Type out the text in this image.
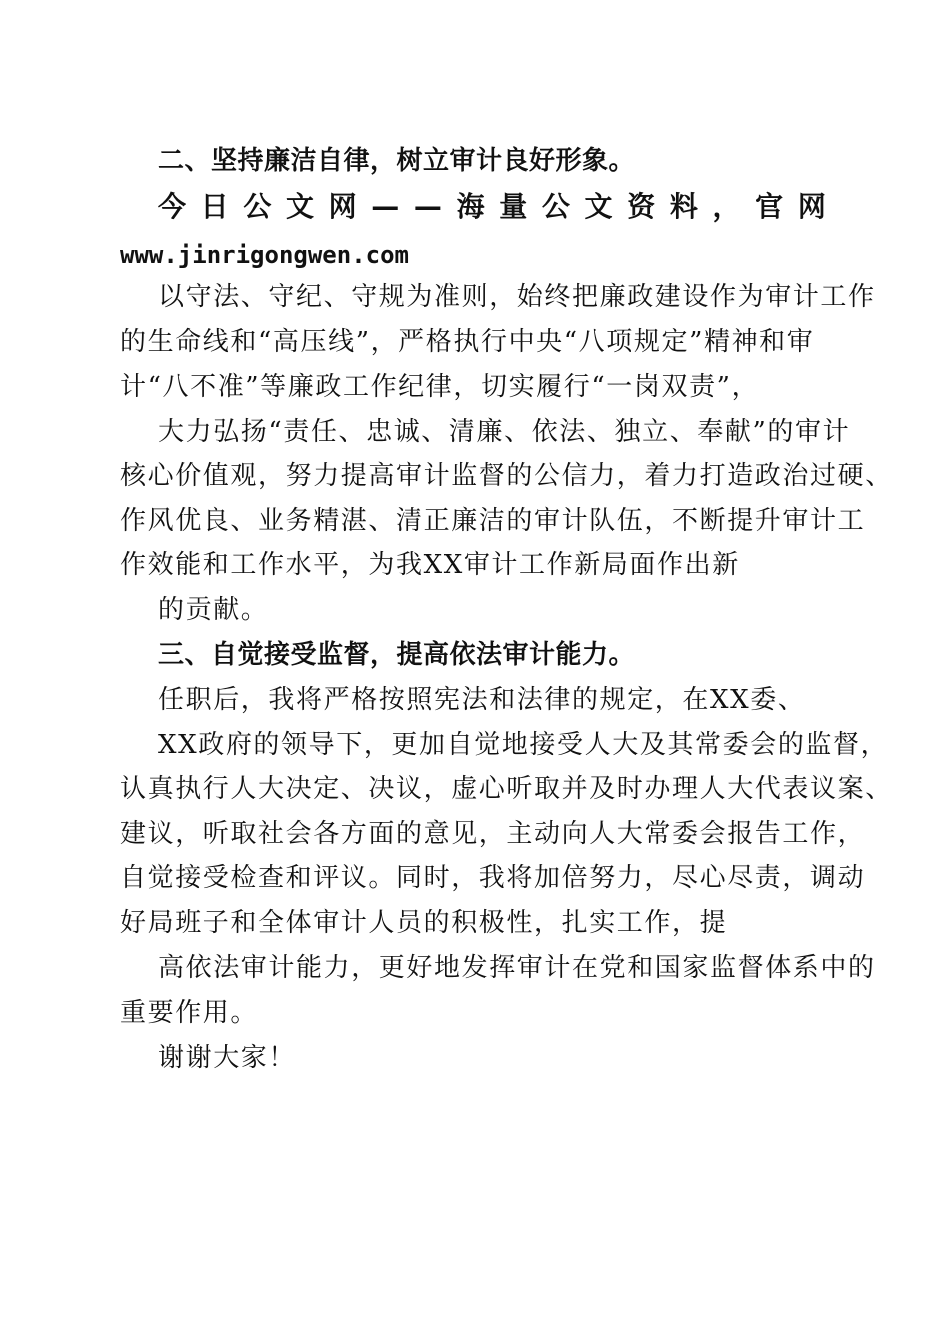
二、坚持廉洁自律，树立审计良好形象。
今 日 公 文 网 — — 海 量 公 文 资 料 ， 官 网
www.jinrigongwen.com
以守法、守纪、守规为准则，始终把廉政建设作为审计工作
的生命线和“高压线”，严格执行中央“八项规定”精神和审
计“八不准”等廉政工作纪律，切实履行“一岗双责”，
大力弘扬“责任、忠诚、清廉、依法、独立、奉献”的审计
核心价值观，努力提高审计监督的公信力，着力打造政治过硬、
作风优良、业务精湛、清正廉洁的审计队伍，不断提升审计工
作效能和工作水平，为我XX审计工作新局面作出新
的贡献。
三、自觉接受监督，提高依法审计能力。
任职后，我将严格按照宪法和法律的规定，在XX委、
XX政府的领导下，更加自觉地接受人大及其常委会的监督，
认真执行人大决定、决议，虚心听取并及时办理人大代表议案、
建议，听取社会各方面的意见，主动向人大常委会报告工作，
自觉接受检查和评议。同时，我将加倍努力，尽心尽责，调动
好局班子和全体审计人员的积极性，扎实工作，提
高依法审计能力，更好地发挥审计在党和国家监督体系中的
重要作用。
谢谢大家！
